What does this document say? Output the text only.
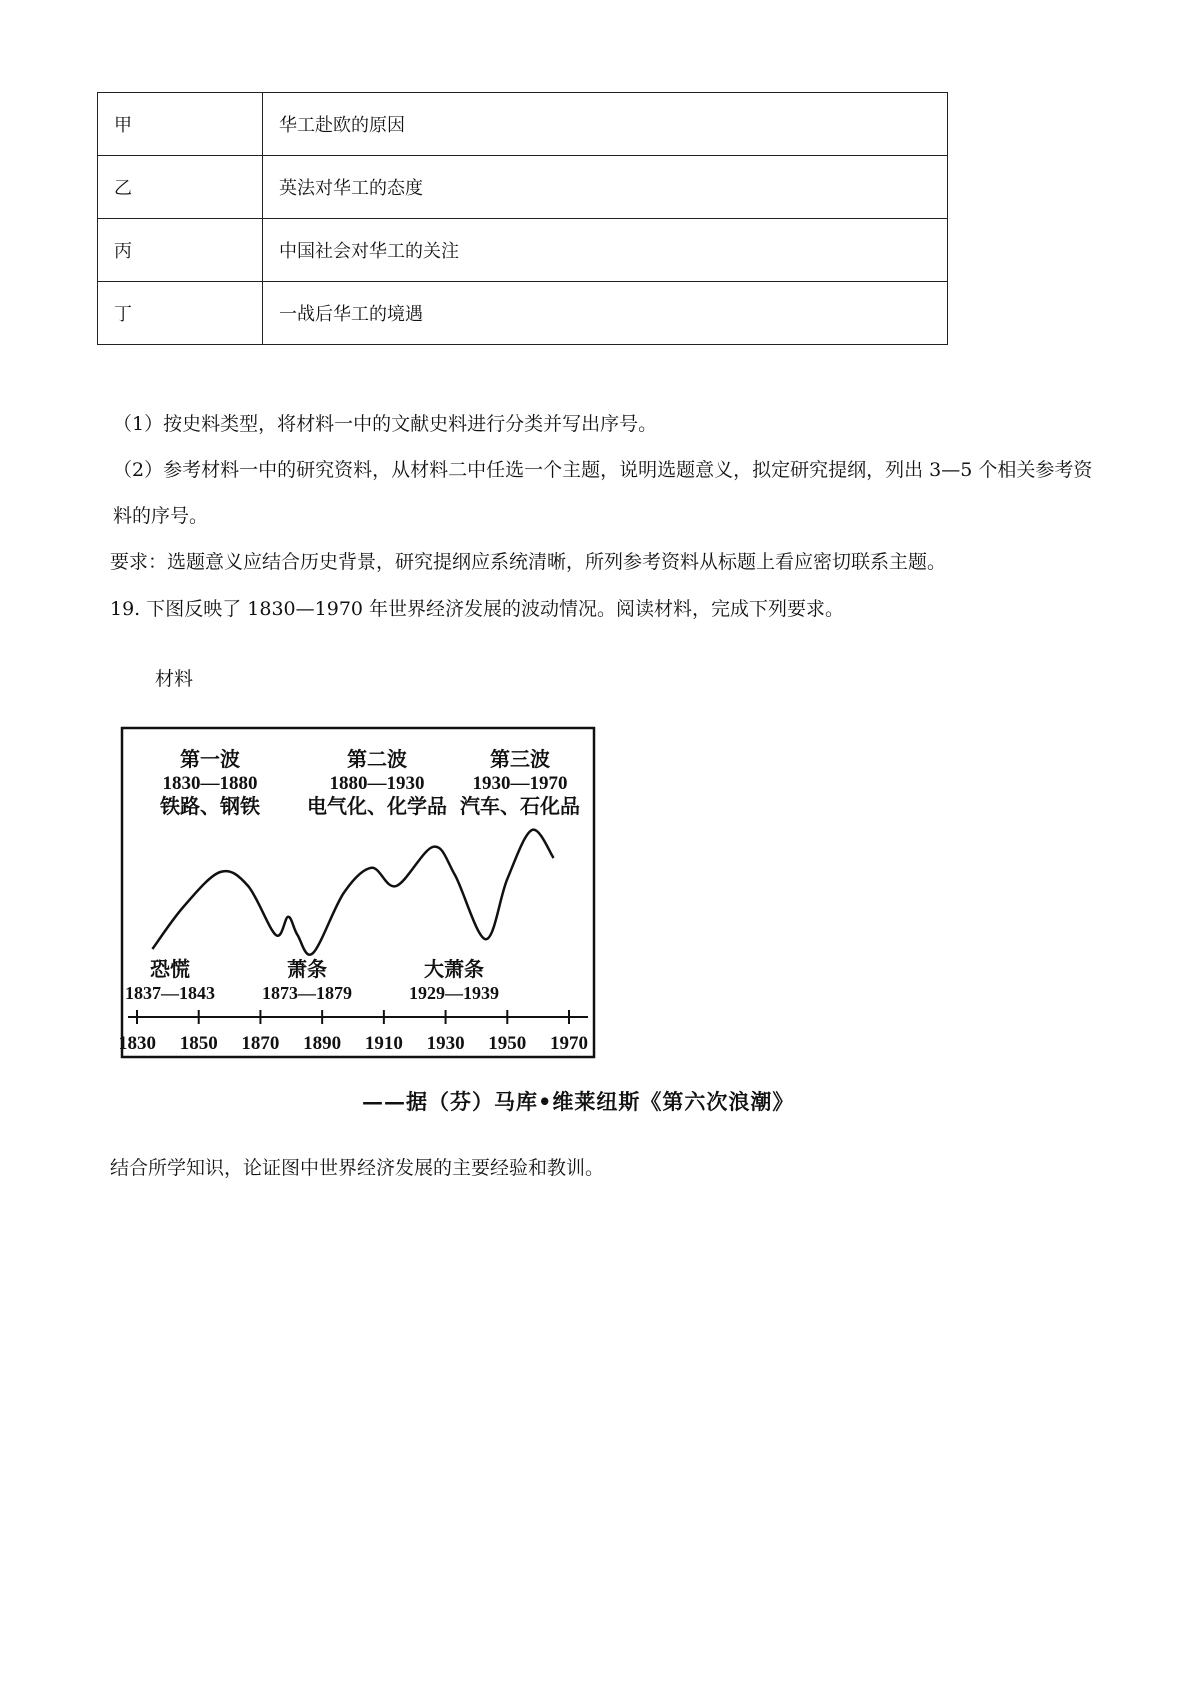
甲	华工赴欧的原因
乙	英法对华工的态度
丙	中国社会对华工的关注
丁	一战后华工的境遇

（1）按史料类型，将材料一中的文献史料进行分类并写出序号。

（2）参考材料一中的研究资料，从材料二中任选一个主题，说明选题意义，拟定研究提纲，列出 3—5 个相关参考资料的序号。

要求：选题意义应结合历史背景，研究提纲应系统清晰，所列参考资料从标题上看应密切联系主题。

19. 下图反映了 1830—1970 年世界经济发展的波动情况。阅读材料，完成下列要求。

材料
1830 1850 1870 1890 1910 1930 1950 1970
第一波
1830—1880
铁路、钢铁
第二波
1880—1930
电气化、化学品
第三波
1930—1970
汽车、石化品
恐慌
1837—1843
萧条
1873—1879
大萧条
1929—1939
——据（芬）马库•维莱纽斯《第六次浪潮》

结合所学知识，论证图中世界经济发展的主要经验和教训。
